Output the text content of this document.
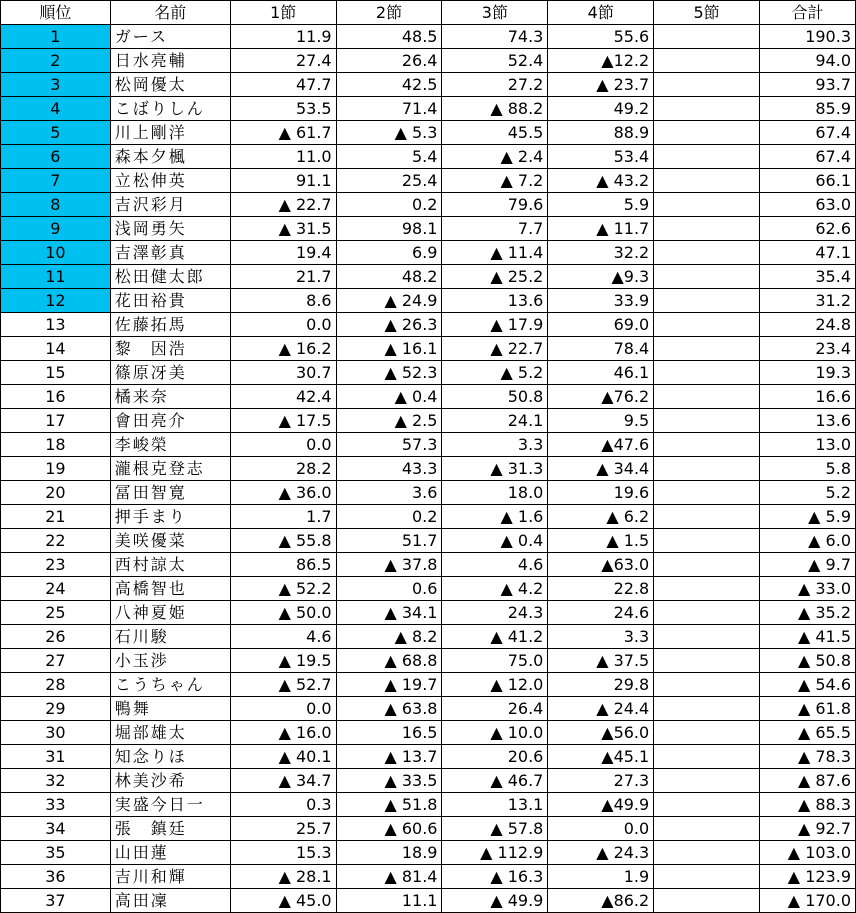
順位	名前	1節	2節	3節	4節	5節	合計
1	ガース	11.9	48.5	74.3	55.6		190.3
2	日水亮輔	27.4	26.4	52.4	▲12.2		94.0
3	松岡優太	47.7	42.5	27.2	▲ 23.7		93.7
4	こばりしん	53.5	71.4	▲ 88.2	49.2		85.9
5	川上剛洋	▲ 61.7	▲ 5.3	45.5	88.9		67.4
6	森本夕楓	11.0	5.4	▲ 2.4	53.4		67.4
7	立松伸英	91.1	25.4	▲ 7.2	▲ 43.2		66.1
8	吉沢彩月	▲ 22.7	0.2	79.6	5.9		63.0
9	浅岡勇矢	▲ 31.5	98.1	7.7	▲ 11.7		62.6
10	吉澤彰真	19.4	6.9	▲ 11.4	32.2		47.1
11	松田健太郎	21.7	48.2	▲ 25.2	▲9.3		35.4
12	花田裕貴	8.6	▲ 24.9	13.6	33.9		31.2
13	佐藤拓馬	0.0	▲ 26.3	▲ 17.9	69.0		24.8
14	黎　因浩	▲ 16.2	▲ 16.1	▲ 22.7	78.4		23.4
15	篠原冴美	30.7	▲ 52.3	▲ 5.2	46.1		19.3
16	橘来奈	42.4	▲ 0.4	50.8	▲76.2		16.6
17	會田亮介	▲ 17.5	▲ 2.5	24.1	9.5		13.6
18	李峻榮	0.0	57.3	3.3	▲47.6		13.0
19	瀧根克登志	28.2	43.3	▲ 31.3	▲ 34.4		5.8
20	冨田智寛	▲ 36.0	3.6	18.0	19.6		5.2
21	押手まり	1.7	0.2	▲ 1.6	▲ 6.2		▲ 5.9
22	美咲優菜	▲ 55.8	51.7	▲ 0.4	▲ 1.5		▲ 6.0
23	西村諒太	86.5	▲ 37.8	4.6	▲63.0		▲ 9.7
24	高橋智也	▲ 52.2	0.6	▲ 4.2	22.8		▲ 33.0
25	八神夏姫	▲ 50.0	▲ 34.1	24.3	24.6		▲ 35.2
26	石川駿	4.6	▲ 8.2	▲ 41.2	3.3		▲ 41.5
27	小玉渉	▲ 19.5	▲ 68.8	75.0	▲ 37.5		▲ 50.8
28	こうちゃん	▲ 52.7	▲ 19.7	▲ 12.0	29.8		▲ 54.6
29	鴨舞	0.0	▲ 63.8	26.4	▲ 24.4		▲ 61.8
30	堀部雄太	▲ 16.0	16.5	▲ 10.0	▲56.0		▲ 65.5
31	知念りほ	▲ 40.1	▲ 13.7	20.6	▲45.1		▲ 78.3
32	林美沙希	▲ 34.7	▲ 33.5	▲ 46.7	27.3		▲ 87.6
33	実盛今日一	0.3	▲ 51.8	13.1	▲49.9		▲ 88.3
34	張　鎮廷	25.7	▲ 60.6	▲ 57.8	0.0		▲ 92.7
35	山田蓮	15.3	18.9	▲ 112.9	▲ 24.3		▲ 103.0
36	吉川和輝	▲ 28.1	▲ 81.4	▲ 16.3	1.9		▲ 123.9
37	高田凜	▲ 45.0	11.1	▲ 49.9	▲86.2		▲ 170.0
